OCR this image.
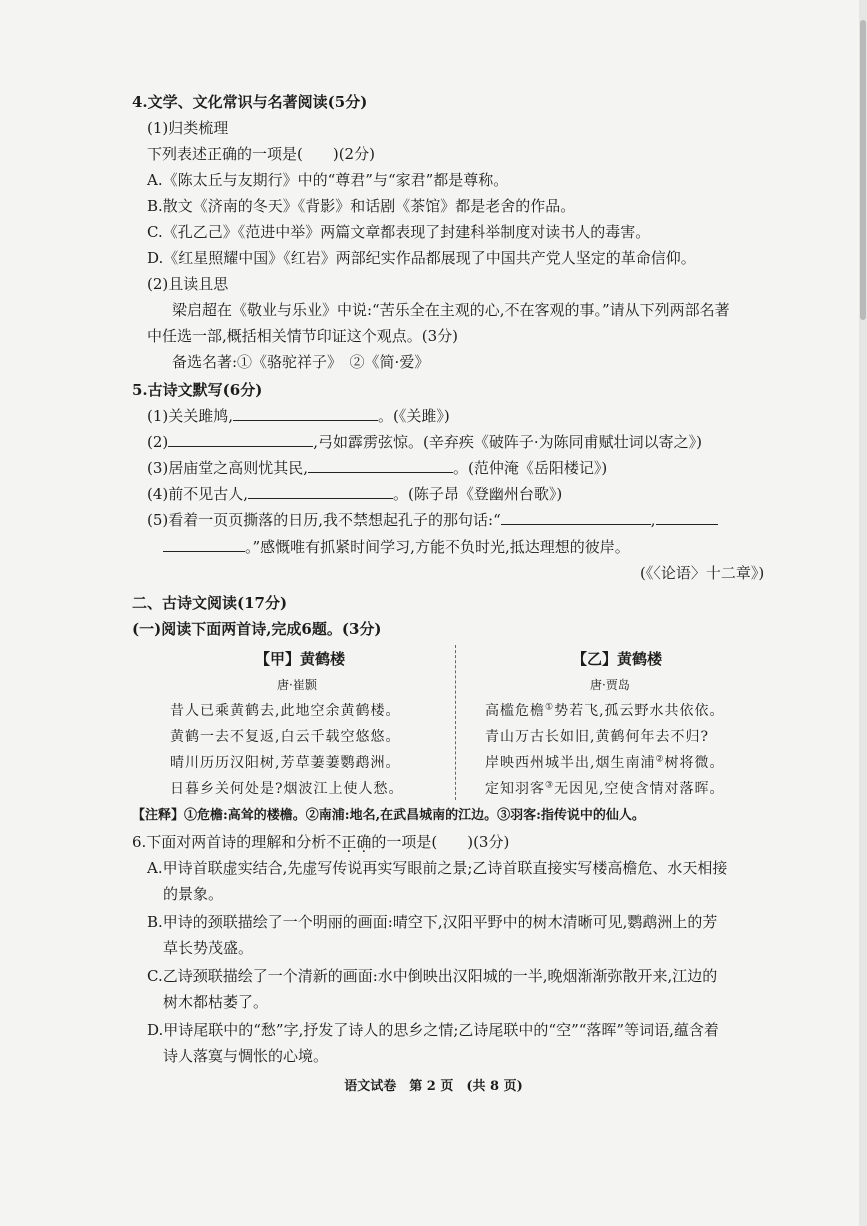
4.文学、文化常识与名著阅读(5分)
(1)归类梳理
下列表述正确的一项是(　　)(2分)
A.《陈太丘与友期行》中的“尊君”与“家君”都是尊称。
B.散文《济南的冬天》《背影》和话剧《茶馆》都是老舍的作品。
C.《孔乙己》《范进中举》两篇文章都表现了封建科举制度对读书人的毒害。
D.《红星照耀中国》《红岩》两部纪实作品都展现了中国共产党人坚定的革命信仰。
(2)且读且思
梁启超在《敬业与乐业》中说:“苦乐全在主观的心,不在客观的事。”请从下列两部名著
中任选一部,概括相关情节印证这个观点。(3分)
备选名著:①《骆驼祥子》　②《简·爱》
5.古诗文默写(6分)
(1)关关雎鸠,	。(《关雎》)
(2)	,弓如霹雳弦惊。(辛弃疾《破阵子·为陈同甫赋壮词以寄之》)
(3)居庙堂之高则忧其民,	。(范仲淹《岳阳楼记》)
(4)前不见古人,	。(陈子昂《登幽州台歌》)
(5)看着一页页撕落的日历,我不禁想起孔子的那句话:“	,
。”感慨唯有抓紧时间学习,方能不负时光,抵达理想的彼岸。
(《〈论语〉十二章》)
二、古诗文阅读(17分)
(一)阅读下面两首诗,完成6题。(3分)
【甲】黄鹤楼
唐·崔颢
昔人已乘黄鹤去,此地空余黄鹤楼。
黄鹤一去不复返,白云千载空悠悠。
晴川历历汉阳树,芳草萋萋鹦鹉洲。
日暮乡关何处是?烟波江上使人愁。
【乙】黄鹤楼
唐·贾岛
高槛危檐①势若飞,孤云野水共依依。
青山万古长如旧,黄鹤何年去不归?
岸映西州城半出,烟生南浦②树将微。
定知羽客③无因见,空使含情对落晖。
【注释】①危檐:高耸的楼檐。②南浦:地名,在武昌城南的江边。③羽客:指传说中的仙人。
6.下面对两首诗的理解和分析不正确的一项是(　　)(3分)
A.甲诗首联虚实结合,先虚写传说再实写眼前之景;乙诗首联直接实写楼高檐危、水天相接
的景象。
B.甲诗的颈联描绘了一个明丽的画面:晴空下,汉阳平野中的树木清晰可见,鹦鹉洲上的芳
草长势茂盛。
C.乙诗颈联描绘了一个清新的画面:水中倒映出汉阳城的一半,晚烟渐渐弥散开来,江边的
树木都枯萎了。
D.甲诗尾联中的“愁”字,抒发了诗人的思乡之情;乙诗尾联中的“空”“落晖”等词语,蕴含着
诗人落寞与惆怅的心境。
语文试卷　第 2 页　(共 8 页)
